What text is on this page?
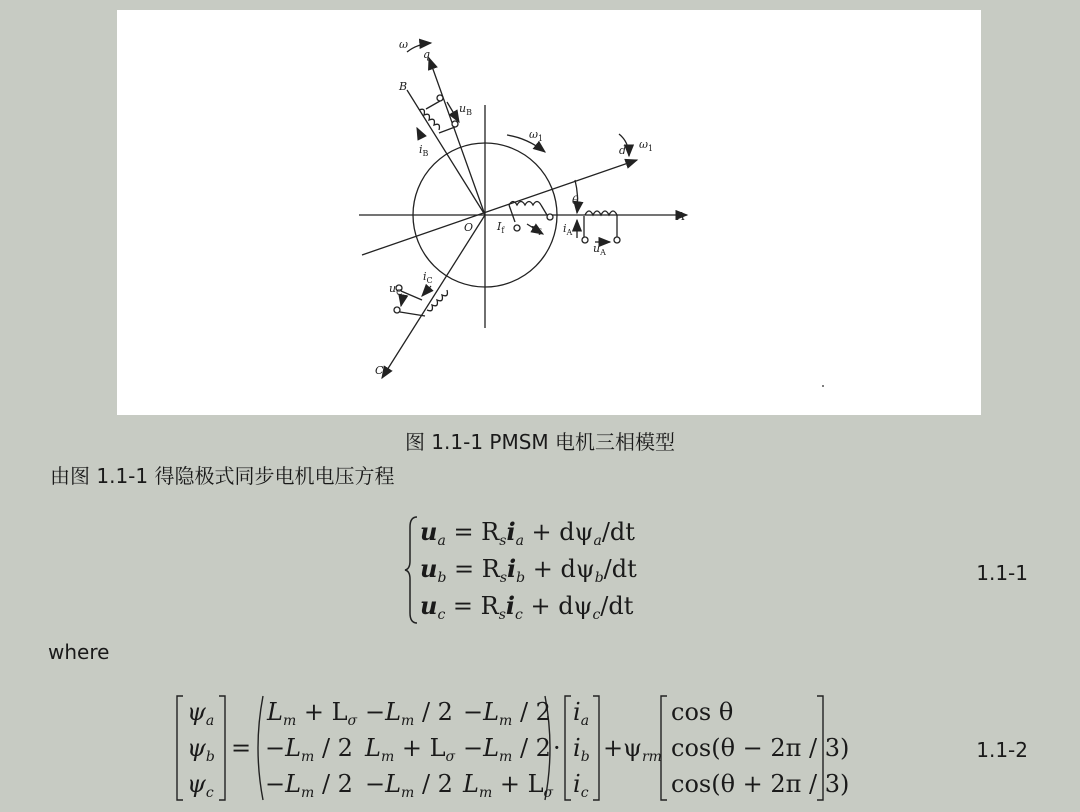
ω
q
B
$u_B$
$i_B$
$\omega_1$
d $\omega_1$
θ
A
O $I_f$ $u_f$ $i_A$
$u_A$
$i_C$
$u_C$
C
图 1.1-1 PMSM 电机三相模型
由图 1.1-1 得隐极式同步电机电压方程
$u_a = R_si_a + d\psi_a/dt$
$u_b = R_si_b + d\psi_b/dt$
$u_c = R_si_c + d\psi_c/dt$
1.1-1
where
$\psi_a$
$\psi_b$
$\psi_c$
=
$L_m + L_\sigma -L_m / 2 -L_m / 2$
$-L_m / 2$ $L_m + L_\sigma -L_m / 2$
$-L_m / 2 -L_m / 2$ $L_m + L_\sigma$
·
$i_a$
$i_b$
$i_c$
$+\psi_{rm}$
cos θ
cos(θ − 2π / 3)
cos(θ + 2π / 3)
1.1-2
